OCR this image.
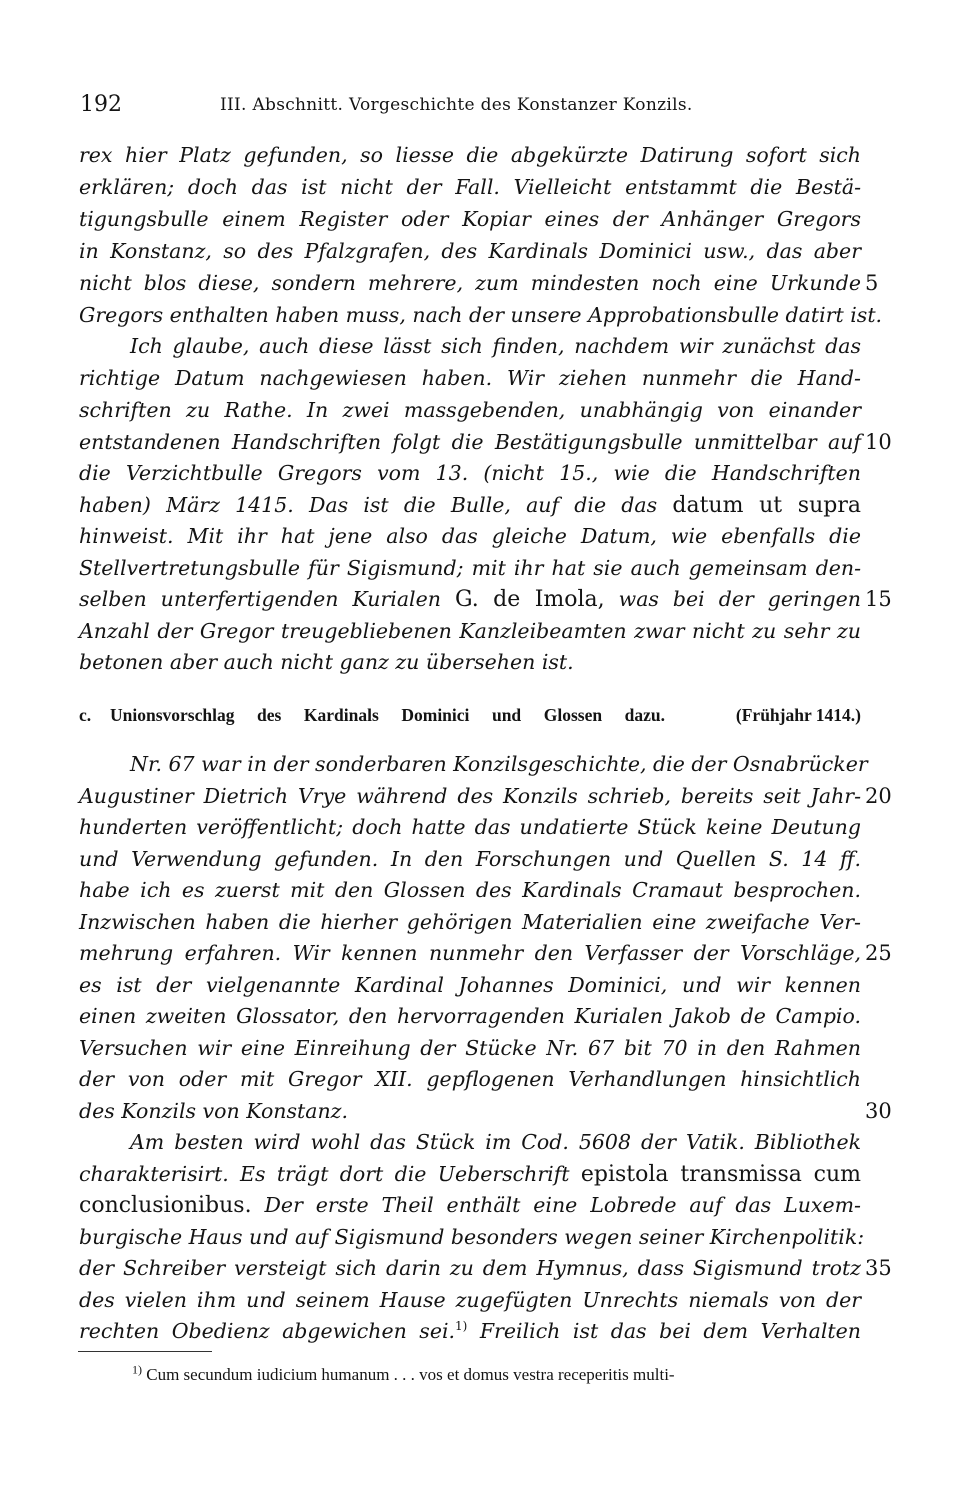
192	III. Abschnitt. Vorgeschichte des Konstanzer Konzils.
rex hier Platz gefunden, so liesse die abgekürzte Datirung sofort sich
erklären; doch das ist nicht der Fall. Vielleicht entstammt die Bestä-
tigungsbulle einem Register oder Kopiar eines der Anhänger Gregors
in Konstanz, so des Pfalzgrafen, des Kardinals Dominici usw., das aber
nicht blos diese, sondern mehrere, zum mindesten noch eine Urkunde
Gregors enthalten haben muss, nach der unsere Approbationsbulle datirt ist.
Ich glaube, auch diese lässt sich finden, nachdem wir zunächst das
richtige Datum nachgewiesen haben. Wir ziehen nunmehr die Hand-
schriften zu Rathe. In zwei massgebenden, unabhängig von einander
entstandenen Handschriften folgt die Bestätigungsbulle unmittelbar auf
die Verzichtbulle Gregors vom 13. (nicht 15., wie die Handschriften
haben) März 1415. Das ist die Bulle, auf die das datum ut supra
hinweist. Mit ihr hat jene also das gleiche Datum, wie ebenfalls die
Stellvertretungsbulle für Sigismund; mit ihr hat sie auch gemeinsam den-
selben unterfertigenden Kurialen G. de Imola, was bei der geringen
Anzahl der Gregor treugebliebenen Kanzleibeamten zwar nicht zu sehr zu
betonen aber auch nicht ganz zu übersehen ist.
c. Unionsvorschlag des Kardinals Dominici und Glossen dazu.	(Frühjahr 1414.)
Nr. 67 war in der sonderbaren Konzilsgeschichte, die der Osnabrücker
Augustiner Dietrich Vrye während des Konzils schrieb, bereits seit Jahr-
hunderten veröffentlicht; doch hatte das undatierte Stück keine Deutung
und Verwendung gefunden. In den Forschungen und Quellen S. 14 ff.
habe ich es zuerst mit den Glossen des Kardinals Cramaut besprochen.
Inzwischen haben die hierher gehörigen Materialien eine zweifache Ver-
mehrung erfahren. Wir kennen nunmehr den Verfasser der Vorschläge,
es ist der vielgenannte Kardinal Johannes Dominici, und wir kennen
einen zweiten Glossator, den hervorragenden Kurialen Jakob de Campio.
Versuchen wir eine Einreihung der Stücke Nr. 67 bit 70 in den Rahmen
der von oder mit Gregor XII. gepflogenen Verhandlungen hinsichtlich
des Konzils von Konstanz.
Am besten wird wohl das Stück im Cod. 5608 der Vatik. Bibliothek
charakterisirt. Es trägt dort die Ueberschrift epistola transmissa cum
conclusionibus. Der erste Theil enthält eine Lobrede auf das Luxem-
burgische Haus und auf Sigismund besonders wegen seiner Kirchenpolitik:
der Schreiber versteigt sich darin zu dem Hymnus, dass Sigismund trotz
des vielen ihm und seinem Hause zugefügten Unrechts niemals von der
rechten Obedienz abgewichen sei.$^{1)}$ Freilich ist das bei dem Verhalten
5
10
15
20
25
30
35
$^{1)}$ Cum secundum iudicium humanum . . . vos et domus vestra receperitis multi-
